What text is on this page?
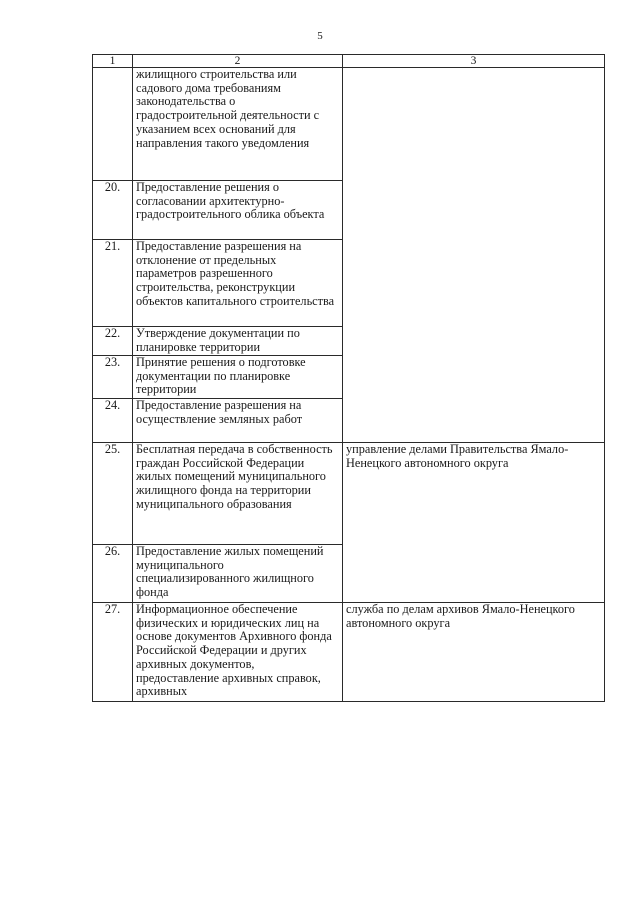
5
1	2	3
	жилищного строительства или садового дома требованиям законодательства о градостроительной деятельности с указанием всех оснований для направления такого уведомления	
20.	Предоставление решения о согласовании архитектурно-градостроительного облика объекта	
21.	Предоставление разрешения на отклонение от предельных параметров разрешенного строительства, реконструкции объектов капитального строительства	
22.	Утверждение документации по планировке территории	
23.	Принятие решения о подготовке документации по планировке территории	
24.	Предоставление разрешения на осуществление земляных работ	
25.	Бесплатная передача в собственность граждан Российской Федерации жилых помещений муниципального жилищного фонда на территории муниципального образования	управление делами Правительства Ямало-Ненецкого автономного округа
26.	Предоставление жилых помещений муниципального специализированного жилищного фонда	
27.	Информационное обеспечение физических и юридических лиц на основе документов Архивного фонда Российской Федерации и других архивных документов, предоставление архивных справок, архивных	служба по делам архивов Ямало-Ненецкого автономного округа
